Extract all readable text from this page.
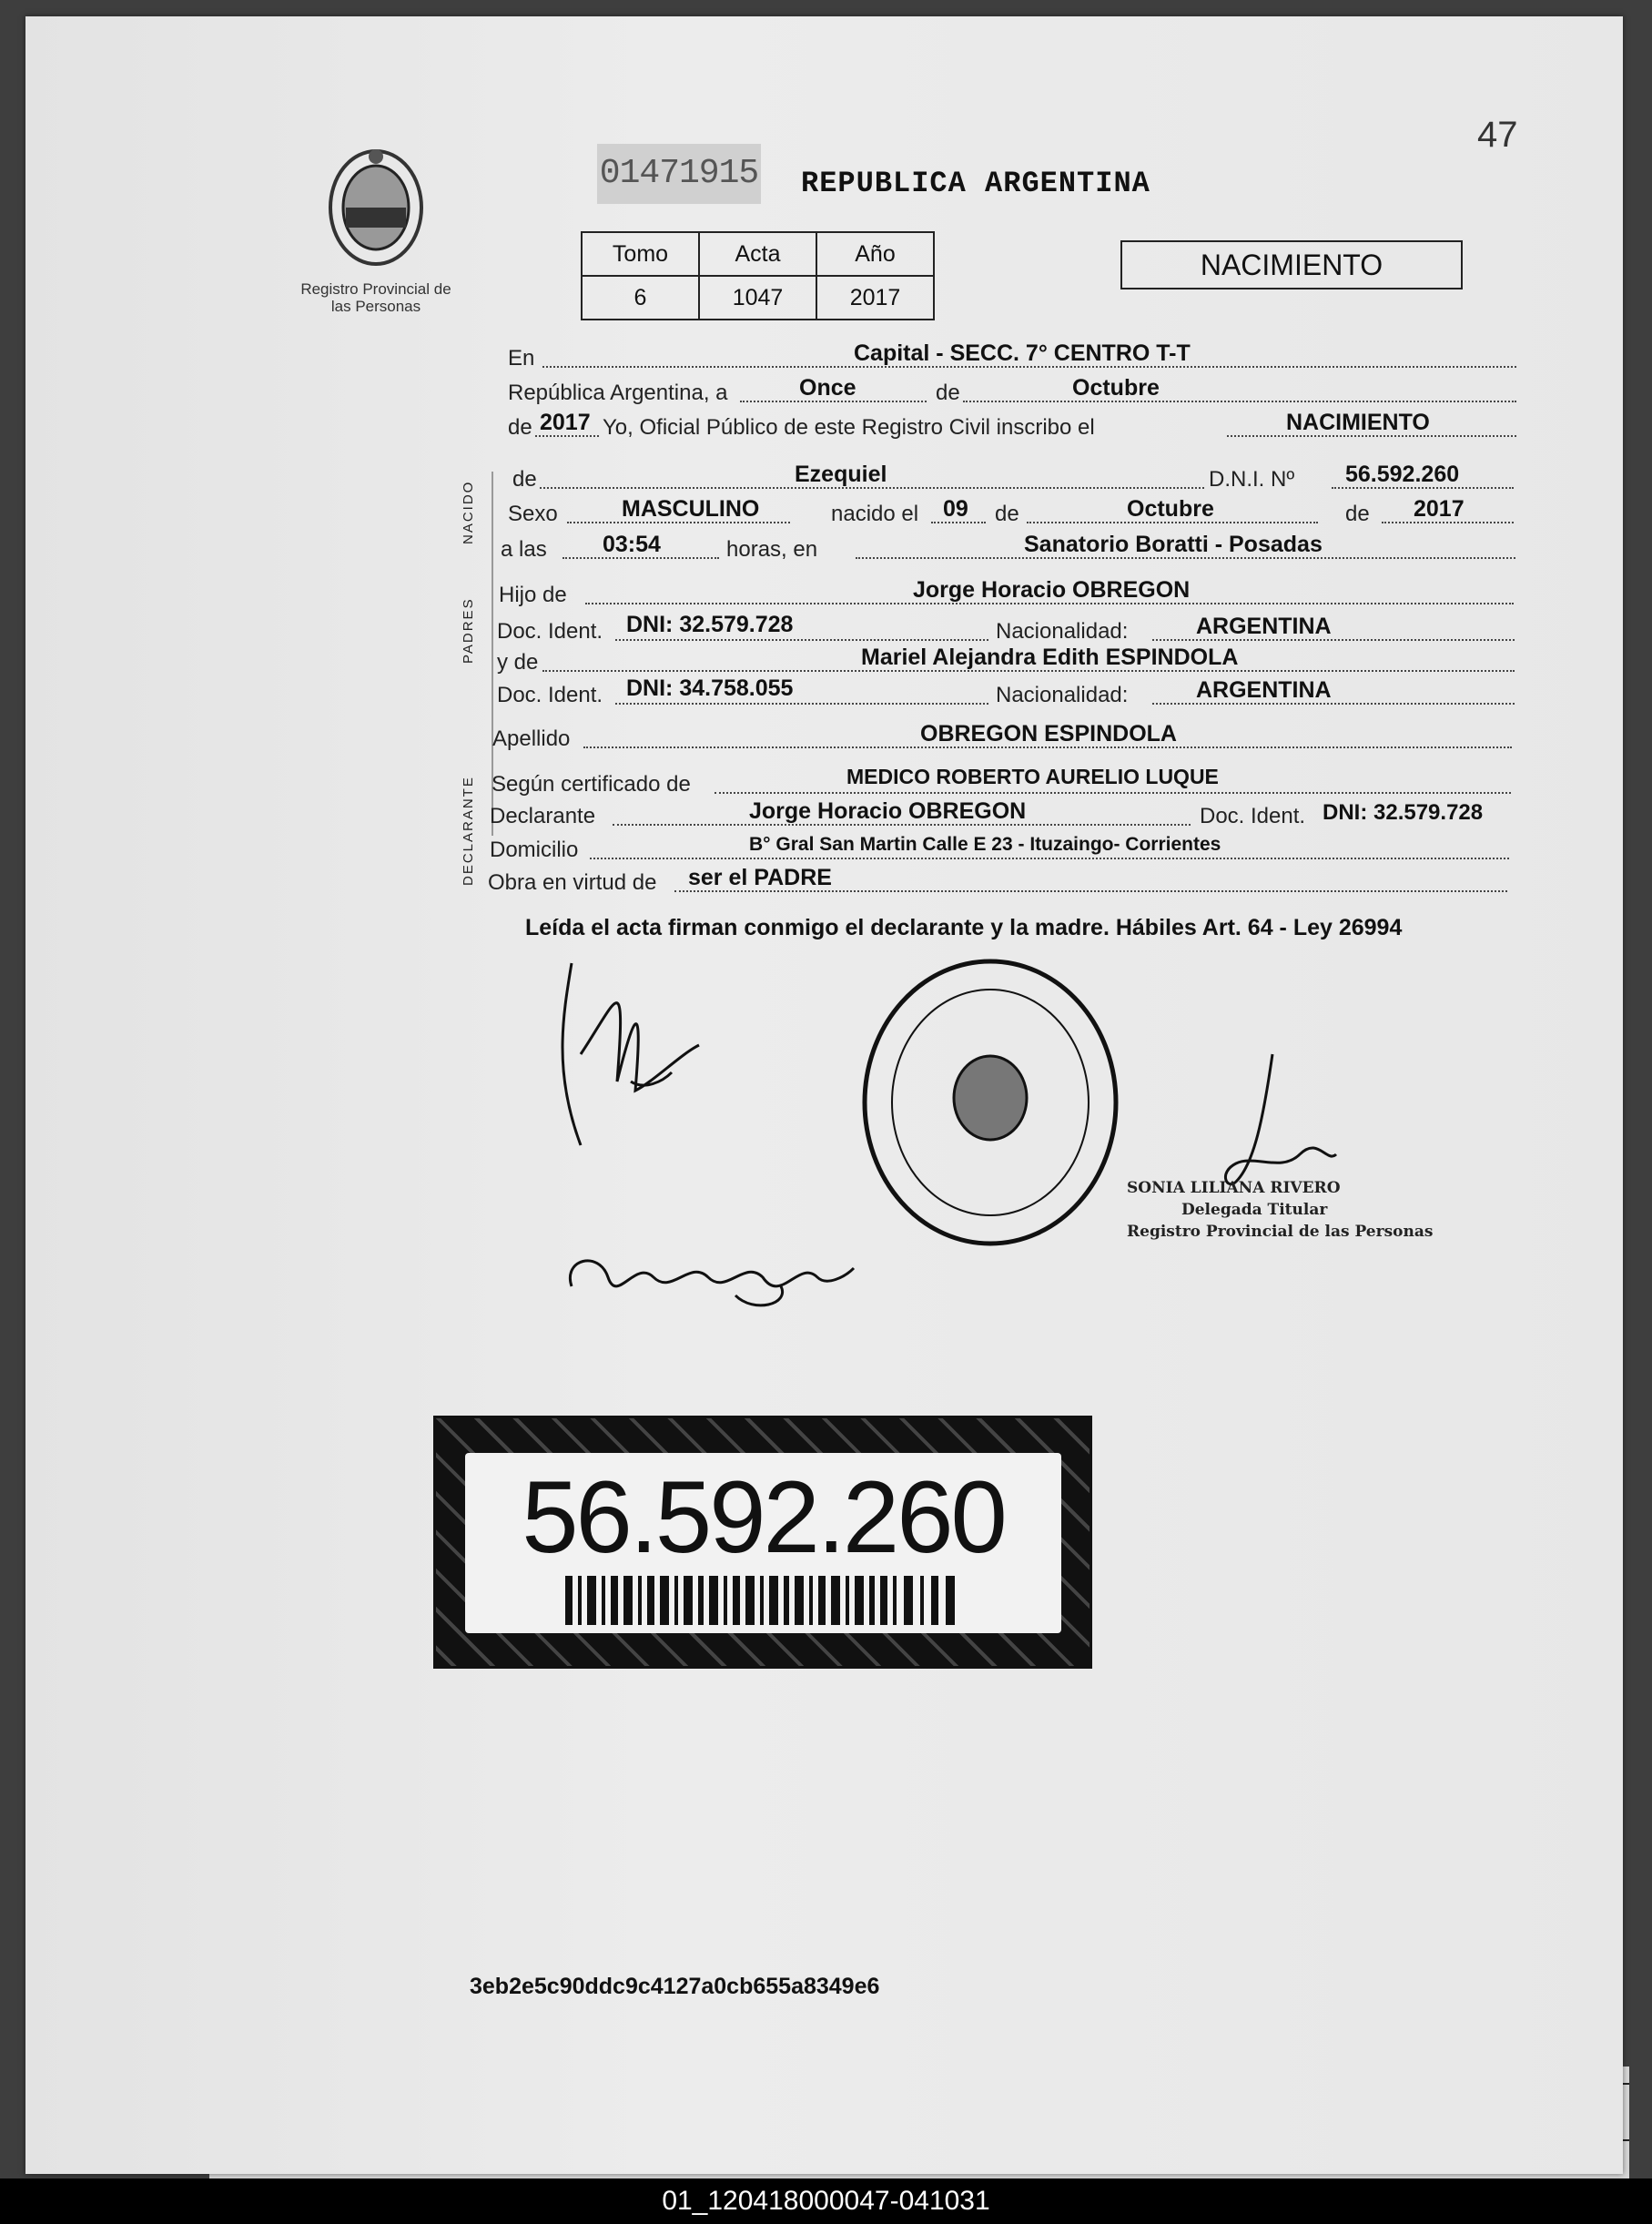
47
Registro Provincial de las Personas
01471915 REPUBLICA ARGENTINA
Tomo	Acta	Año
6	1047	2017
NACIMIENTO
NACIDO
PADRES
DECLARANTE
En	Capital - SECC. 7° CENTRO T-T
República Argentina, a	Once	de	Octubre
de 2017 Yo, Oficial Público de este Registro Civil inscribo el	NACIMIENTO
de	Ezequiel	D.N.I. Nº 56.592.260
Sexo	MASCULINO	nacido el 09 de	Octubre	de 2017
a las 03:54	horas, en	Sanatorio Boratti - Posadas
Hijo de	Jorge Horacio OBREGON
Doc. Ident. DNI: 32.579.728	Nacionalidad:	ARGENTINA
y de	Mariel Alejandra Edith ESPINDOLA
Doc. Ident. DNI: 34.758.055	Nacionalidad:	ARGENTINA
Apellido	OBREGON ESPINDOLA
Según certificado de	MEDICO ROBERTO AURELIO LUQUE
Declarante	Jorge Horacio OBREGON	Doc. Ident. DNI: 32.579.728
Domicilio	B° Gral San Martin Calle E 23 - Ituzaingo- Corrientes
Obra en virtud de ser el PADRE
Leída el acta firman conmigo el declarante y la madre. Hábiles Art. 64 - Ley 26994
SONIA LILIANA RIVERO
Delegada Titular
Registro Provincial de las Personas
56.592.260
3eb2e5c90ddc9c4127a0cb655a8349e6
01_120418000047-041031
